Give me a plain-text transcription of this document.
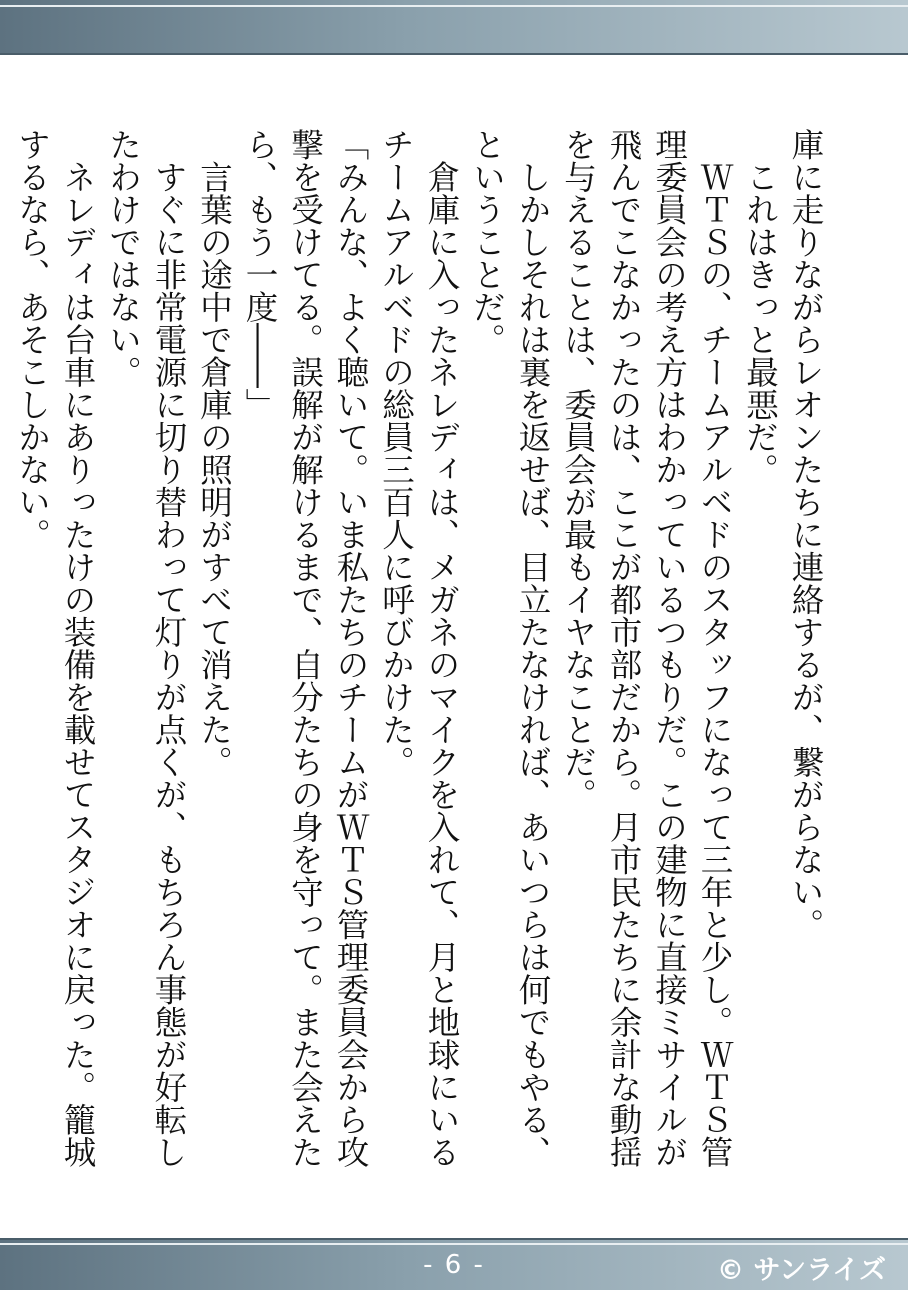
庫に走りながらレオンたちに連絡するが、繋がらない。

　これはきっと最悪だ。

　ＷＴＳの、チームアルベドのスタッフになって三年と少し。ＷＴＳ管理委員会の考え方はわかっているつもりだ。この建物に直接ミサイルが飛んでこなかったのは、ここが都市部だから。月市民たちに余計な動揺を与えることは、委員会が最もイヤなことだ。

　しかしそれは裏を返せば、目立たなければ、あいつらは何でもやる、ということだ。

　倉庫に入ったネレディは、メガネのマイクを入れて、月と地球にいるチームアルベドの総員三百人に呼びかけた。

「みんな、よく聴いて。いま私たちのチームがＷＴＳ管理委員会から攻撃を受けてる。誤解が解けるまで、自分たちの身を守って。また会えたら、もう一度――」

　言葉の途中で倉庫の照明がすべて消えた。

　すぐに非常電源に切り替わって灯りが点くが、もちろん事態が好転したわけではない。

　ネレディは台車にありったけの装備を載せてスタジオに戻った。籠城するなら、あそこしかない。

- 6 -	© サンライズ
